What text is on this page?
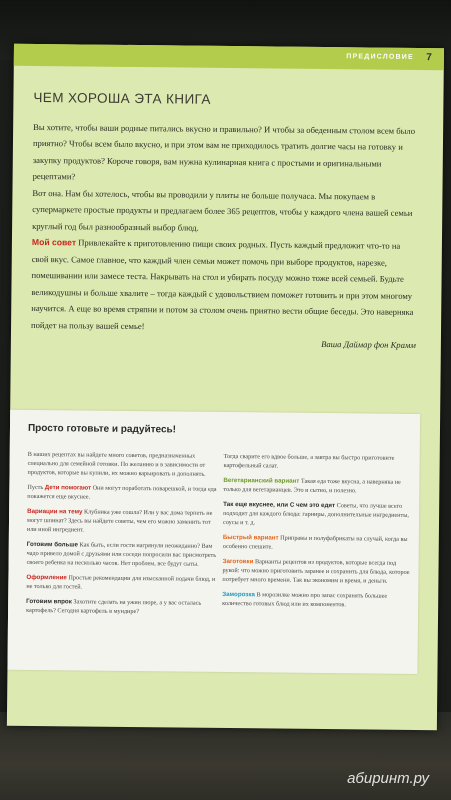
ПРЕДИСЛОВИЕ 7
ЧЕМ ХОРОША ЭТА КНИГА

Вы хотите, чтобы ваши родные питались вкусно и правильно? И чтобы за обеденным столом всем было приятно? Чтобы всем было вкусно, и при этом вам не приходилось тратить долгие часы на готовку и закупку продуктов? Короче говоря, вам нужна кулинарная книга с простыми и оригинальными рецептами?

Вот она. Нам бы хотелось, чтобы вы проводили у плиты не больше получаса. Мы покупаем в супермаркете простые продукты и предлагаем более 365 рецептов, чтобы у каждого члена вашей семьи круглый год был разнообразный выбор блюд.

Мой совет Привлекайте к приготовлению пищи своих родных. Пусть каждый предложит что-то на свой вкус. Самое главное, что каждый член семьи может помочь при выборе продуктов, нарезке, помешивании или замесе теста. Накрывать на стол и убирать посуду можно тоже всей семьей. Будьте великодушны и больше хвалите – тогда каждый с удовольствием поможет готовить и при этом многому научится. А еще во время стряпни и потом за столом очень приятно вести общие беседы. Это наверняка пойдет на пользу вашей семье!

Ваша Даймар фон Крамм

Просто готовьте и радуйтесь!

В наших рецептах вы найдете много советов, предназначенных специально для семейной готовки. По желанию и в зависимости от продуктов, которые вы купили, их можно варьировать и дополнять.

Пусть Дети помогают Они могут поработать поварешкой, и тогда еда покажется еще вкуснее.

Вариации на тему Клубника уже сошла? Или у вас дома терпеть не могут шпинат? Здесь вы найдете советы, чем его можно заменить тот или иной ингредиент.

Готовим больше Как быть, если гости нагрянули неожиданно? Вам чадо привело домой с друзьями или соседи попросили вас присмотреть своего ребенка на несколько часов. Нет проблем, все будут сыты.

Оформление Простые рекомендации для изысканной подачи блюд, и не только для гостей.

Готовим впрок Захотите сделать на ужин пюре, а у вас осталась картофель? Сегодня картофель в мундире?

Тогда сварите его вдвое больше, а завтра вы быстро приготовите картофельный салат.

Вегетарианский вариант Такая еда тоже вкусна, а наверняка не только для вегетарианцев. Это и сытно, и полезно.

Так еще вкуснее, или С чем это едят Советы, что лучше всего подходит для каждого блюда: гарниры, дополнительные ингредиенты, соусы и т. д.

Быстрый вариант Приправы и полуфабрикаты на случай, когда вы особенно спешите.

Заготовки Варианты рецептов из продуктов, которые всегда под рукой: что можно приготовить заранее и сохранить для блюда, которое потребует много времени. Так вы экономим и время, и деньги.

Заморозка В морозилке можно про запас сохранять большее количество готовых блюд или их компонентов.

абиринт.ру
